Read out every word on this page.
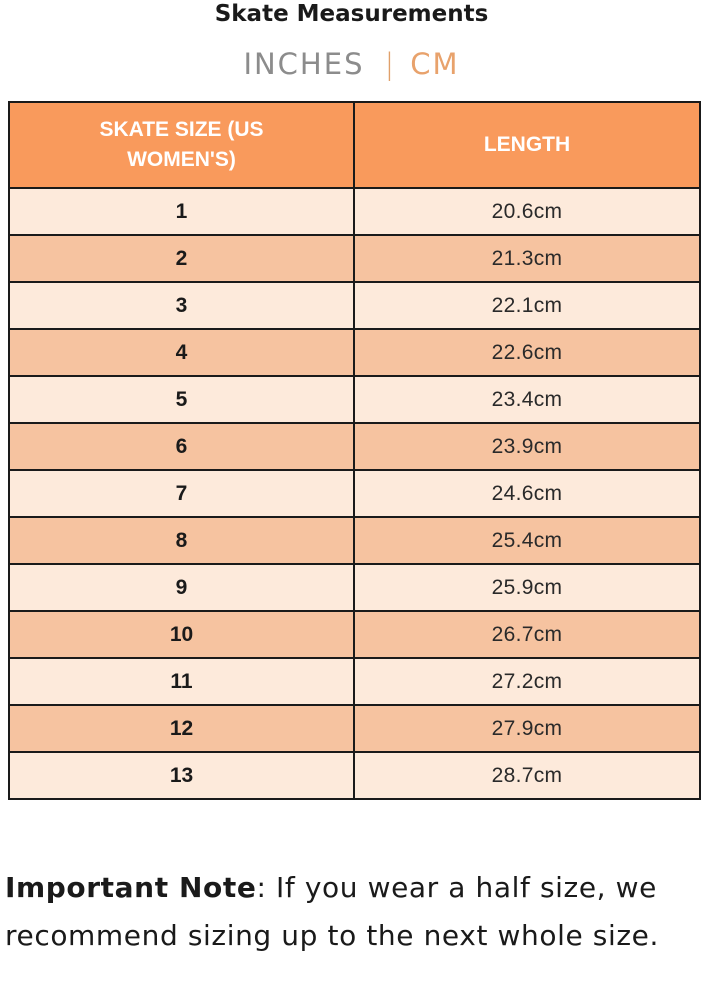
Skate Measurements
INCHES | CM
SKATE SIZE (US WOMEN'S)	LENGTH
1	20.6cm
2	21.3cm
3	22.1cm
4	22.6cm
5	23.4cm
6	23.9cm
7	24.6cm
8	25.4cm
9	25.9cm
10	26.7cm
11	27.2cm
12	27.9cm
13	28.7cm
Important Note: If you wear a half size, we recommend sizing up to the next whole size.
